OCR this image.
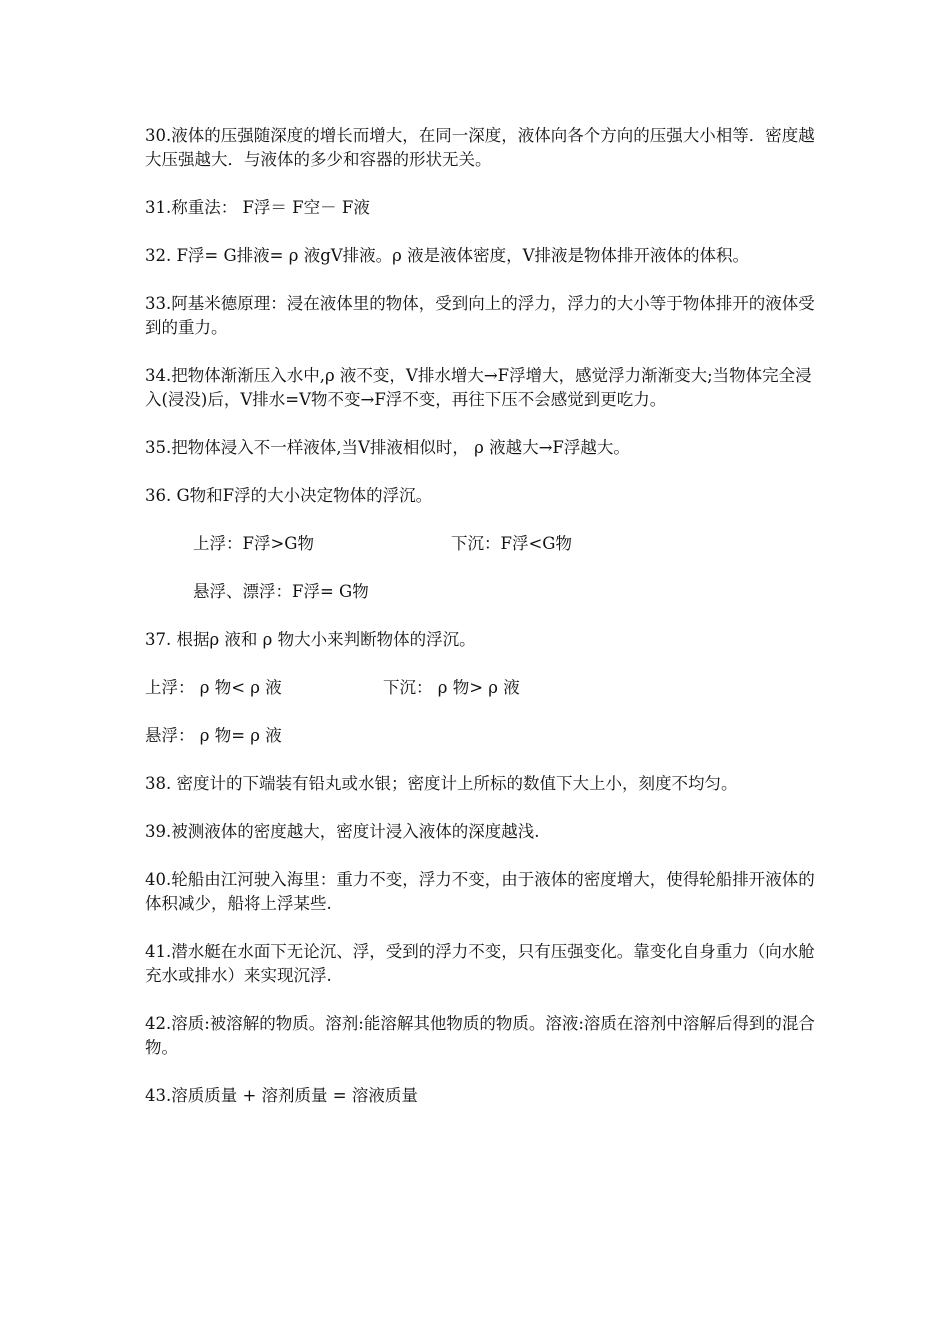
30.液体的压强随深度的增长而增大，在同一深度，液体向各个方向的压强大小相等．密度越大压强越大．与液体的多少和容器的形状无关。

31.称重法： F浮＝ F空－ F液

32. F浮= G排液= ρ 液gV排液。ρ 液是液体密度，V排液是物体排开液体的体积。

33.阿基米德原理：浸在液体里的物体，受到向上的浮力，浮力的大小等于物体排开的液体受到的重力。

34.把物体渐渐压入水中,ρ 液不变，V排水增大→F浮增大，感觉浮力渐渐变大;当物体完全浸入(浸没)后，V排水=V物不变→F浮不变，再往下压不会感觉到更吃力。

35.把物体浸入不一样液体,当V排液相似时， ρ 液越大→F浮越大。

36. G物和F浮的大小决定物体的浮沉。

上浮：F浮>G物	下沉：F浮<G物

悬浮、漂浮：F浮= G物

37. 根据ρ 液和 ρ 物大小来判断物体的浮沉。

上浮： ρ 物< ρ 液	下沉： ρ 物> ρ 液

悬浮： ρ 物= ρ 液

38. 密度计的下端装有铅丸或水银；密度计上所标的数值下大上小，刻度不均匀。

39.被测液体的密度越大，密度计浸入液体的深度越浅.

40.轮船由江河驶入海里：重力不变，浮力不变，由于液体的密度增大，使得轮船排开液体的体积减少，船将上浮某些.

41.潜水艇在水面下无论沉、浮，受到的浮力不变，只有压强变化。靠变化自身重力（向水舱充水或排水）来实现沉浮.

42.溶质:被溶解的物质。溶剂:能溶解其他物质的物质。溶液:溶质在溶剂中溶解后得到的混合物。

43.溶质质量 + 溶剂质量 = 溶液质量
